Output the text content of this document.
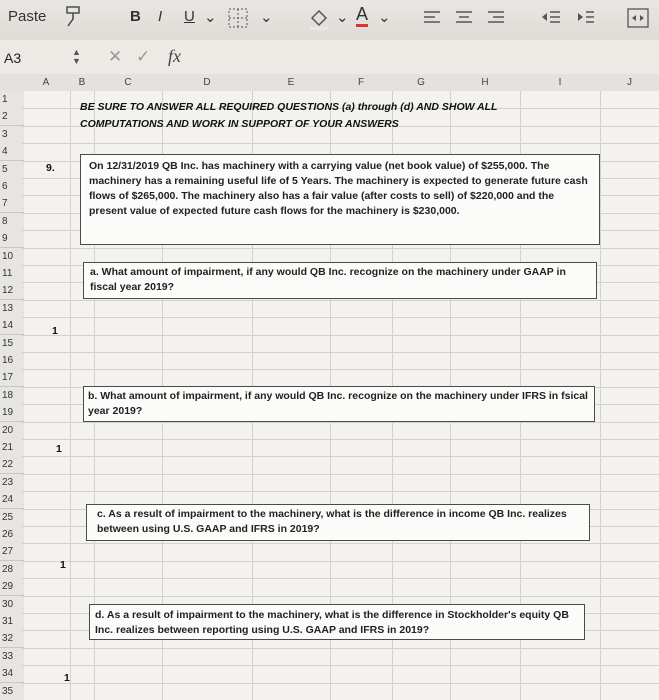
Paste	B I U ⌄	⌄	⌄ A ⌄
A3	▲
▼ ✕ ✓ fx
A	B	C	D	E	F	G	H	I	J
1
2
3
4
5
6
7
8
9
10
11
12
13
14
15
16
17
18
19
20
21
22
23
24
25
26
27
28
29
30
31
32
33
34
35
BE SURE TO ANSWER ALL REQUIRED QUESTIONS (a) through (d) AND SHOW ALL
COMPUTATIONS AND WORK IN SUPPORT OF YOUR ANSWERS
9.	On 12/31/2019 QB Inc. has machinery with a carrying value (net book value) of $255,000. The machinery has a remaining useful life of 5 Years. The machinery is expected to generate future cash flows of $265,000. The machinery also has a fair value (after costs to sell) of $220,000 and the present value of expected future cash flows for the machinery is $230,000.
a. What amount of impairment, if any would QB Inc. recognize on the machinery under GAAP in fiscal year 2019?
1
b. What amount of impairment, if any would QB Inc. recognize on the machinery under IFRS in fsical year 2019?
1
c. As a result of impairment to the machinery, what is the difference in income QB Inc. realizes between using U.S. GAAP and IFRS in 2019?
1
d. As a result of impairment to the machinery, what is the difference in Stockholder's equity QB Inc. realizes between reporting using U.S. GAAP and IFRS in 2019?
1
